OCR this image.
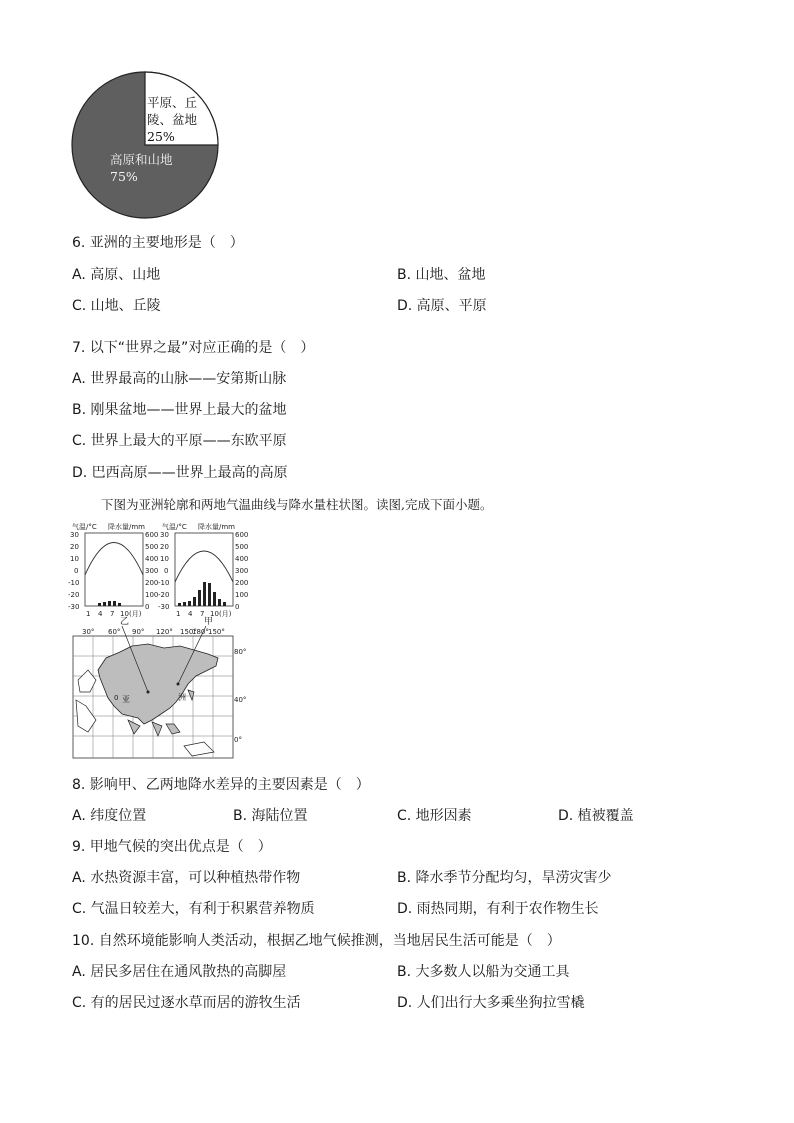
平原、丘
陵、盆地
25%
高原和山地
75%
6. 亚洲的主要地形是（　）
A. 高原、山地	B. 山地、盆地
C. 山地、丘陵	D. 高原、平原
7. 以下“世界之最”对应正确的是（　）
A. 世界最高的山脉——安第斯山脉
B. 刚果盆地——世界上最大的盆地
C. 世界上最大的平原——东欧平原
D. 巴西高原——世界上最高的高原
下图为亚洲轮廓和两地气温曲线与降水量柱状图。读图,完成下面小题。
气温/°C 降水量/mm
30
20
10
0
-10
-20
-30
600
500
400
300
200
100
0
1 4 7 10 (月)
气温/°C 降水量/mm
30
20
10
0
-10
-20
-30
600
500
400
300
200
100
0
1 4 7 10 (月)
乙	甲
30° 60° 90° 120° 150°
180° 150°
0 亚	洲
80°
40°
0°
8. 影响甲、乙两地降水差异的主要因素是（　）
A. 纬度位置	B. 海陆位置	C. 地形因素	D. 植被覆盖
9. 甲地气候的突出优点是（　）
A. 水热资源丰富，可以种植热带作物	B. 降水季节分配均匀，旱涝灾害少
C. 气温日较差大，有利于积累营养物质	D. 雨热同期，有利于农作物生长
10. 自然环境能影响人类活动，根据乙地气候推测，当地居民生活可能是（　）
A. 居民多居住在通风散热的高脚屋	B. 大多数人以船为交通工具
C. 有的居民过逐水草而居的游牧生活	D. 人们出行大多乘坐狗拉雪橇
